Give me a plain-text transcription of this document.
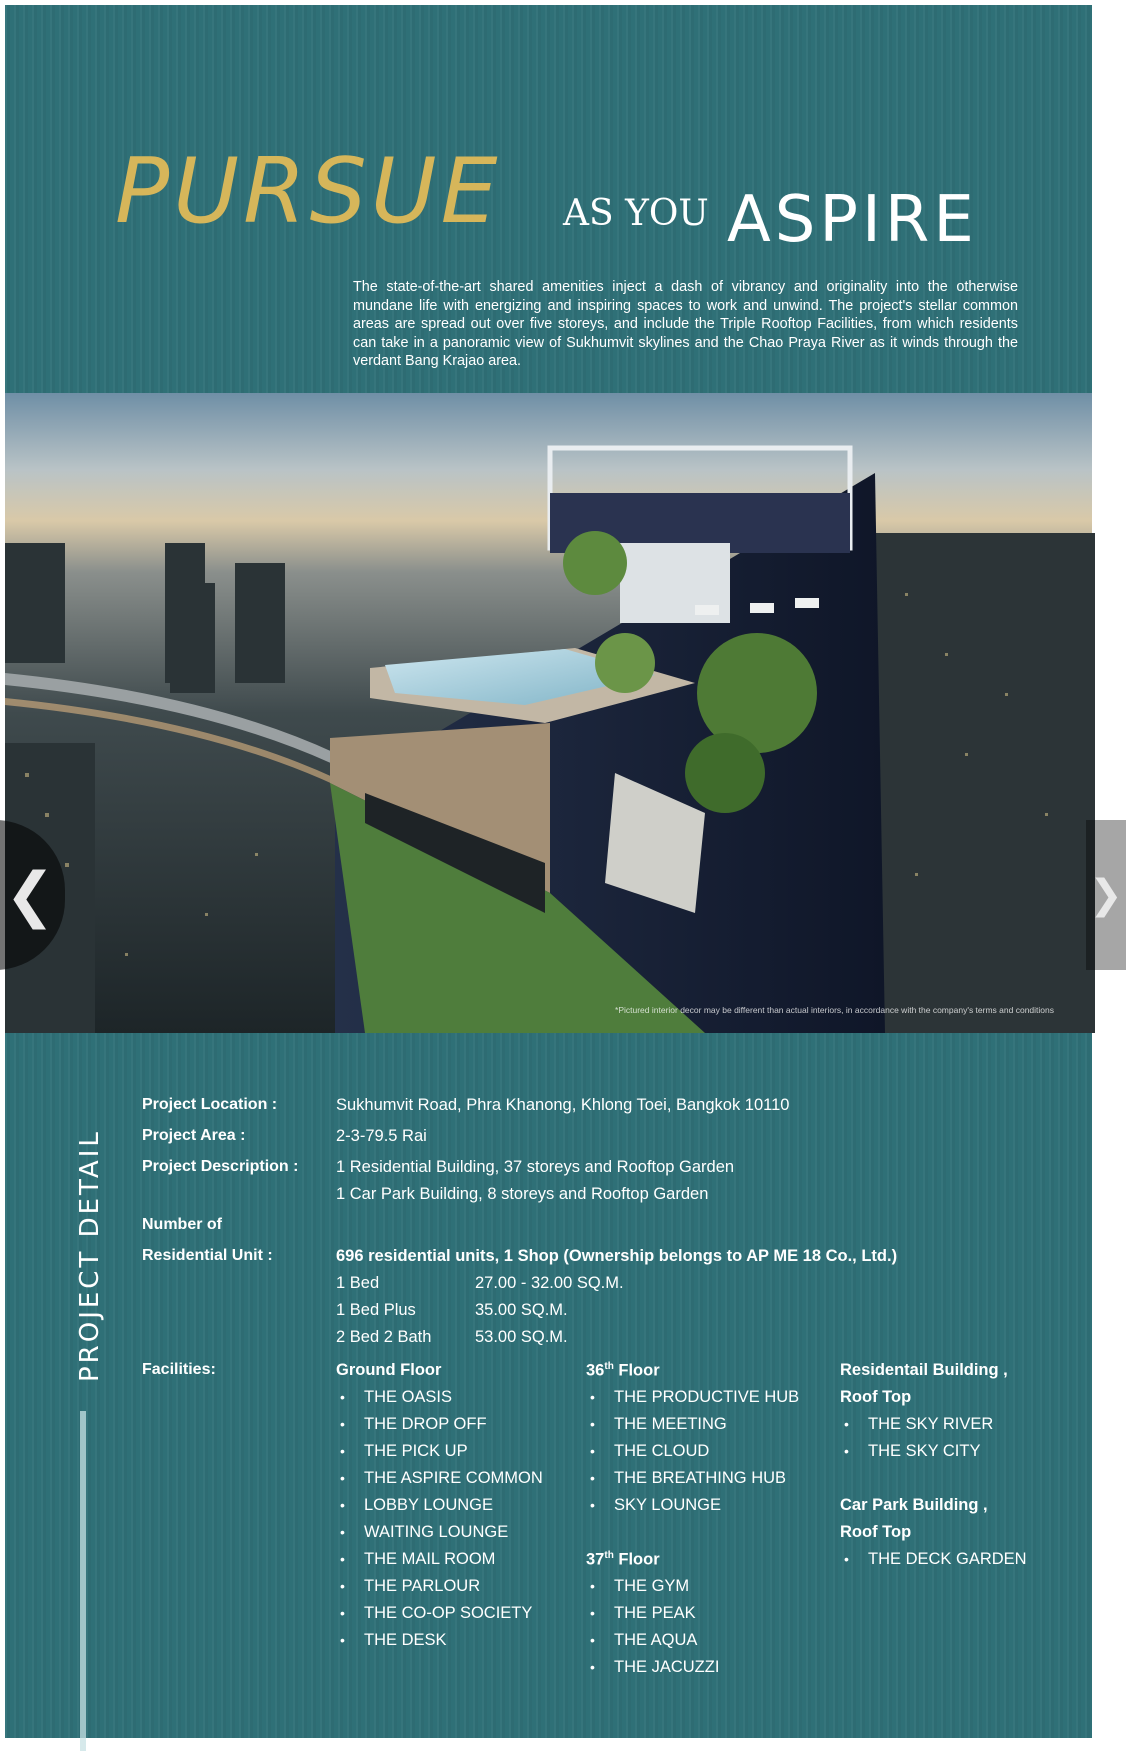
PURSUE AS YOU ASPIRE

The state-of-the-art shared amenities inject a dash of vibrancy and originality into the otherwise mundane life with energizing and inspiring spaces to work and unwind. The project's stellar common areas are spread out over five storeys, and include the Triple Rooftop Facilities, from which residents can take in a panoramic view of Sukhumvit skylines and the Chao Praya River as it winds through the verdant Bang Krajao area.

*Pictured interior decor may be different than actual interiors, in accordance with the company's terms and conditions
PROJECT DETAIL
Project Location :	Sukhumvit Road, Phra Khanong, Khlong Toei, Bangkok 10110
Project Area :	2-3-79.5 Rai
Project Description : 1 Residential Building, 37 storeys and Rooftop Garden
1 Car Park Building, 8 storeys and Rooftop Garden
Number of
Residential Unit :	696 residential units, 1 Shop (Ownership belongs to AP ME 18 Co., Ltd.)
1 Bed	27.00 - 32.00 SQ.M.
1 Bed Plus	35.00 SQ.M.
2 Bed 2 Bath	53.00 SQ.M.
Facilities:	Ground Floor
• THE OASIS
• THE DROP OFF
• THE PICK UP
• THE ASPIRE COMMON
• LOBBY LOUNGE
• WAITING LOUNGE
• THE MAIL ROOM
• THE PARLOUR
• THE CO-OP SOCIETY
• THE DESK
36th Floor
• THE PRODUCTIVE HUB
• THE MEETING
• THE CLOUD
• THE BREATHING HUB
• SKY LOUNGE
37th Floor
• THE GYM
• THE PEAK
• THE AQUA
• THE JACUZZI
Residentail Building ,
Roof Top
• THE SKY RIVER
• THE SKY CITY
Car Park Building ,
Roof Top
• THE DECK GARDEN
❮	❯
